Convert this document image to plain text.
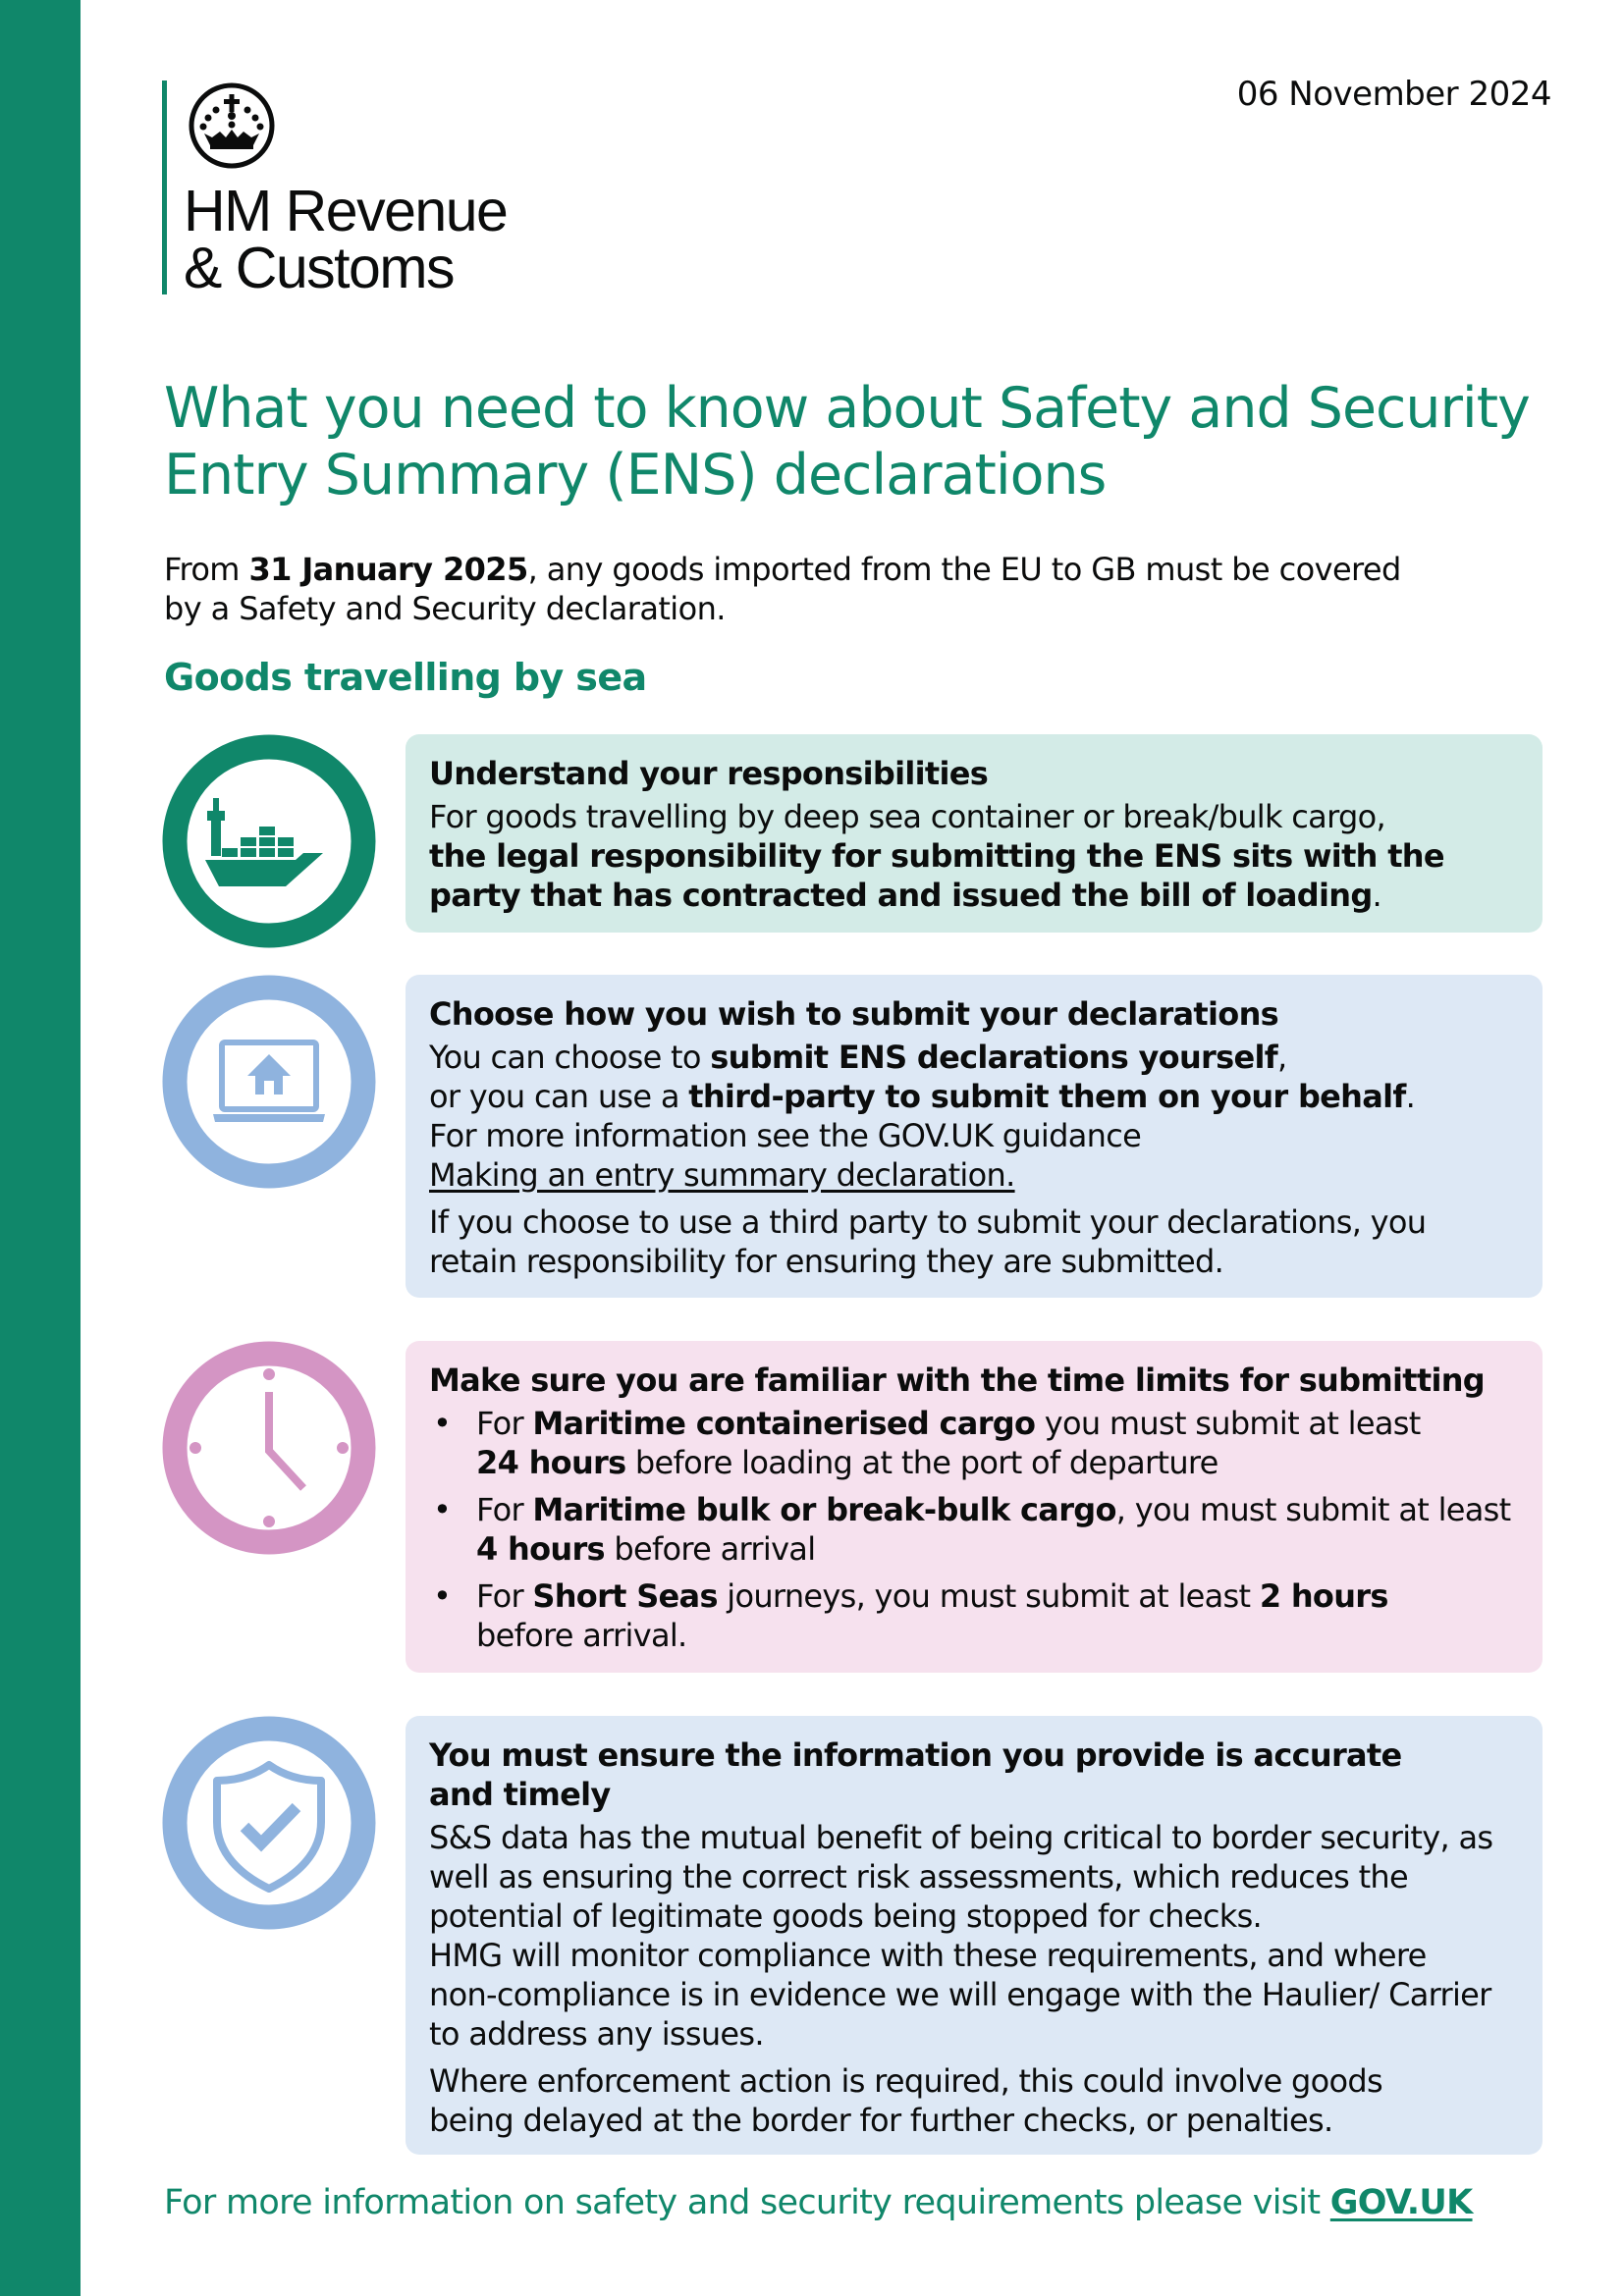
HM Revenue
& Customs
06 November 2024
What you need to know about Safety and Security Entry Summary (ENS) declarations

From 31 January 2025, any goods imported from the EU to GB must be covered
by a Safety and Security declaration.

Goods travelling by sea
Understand your responsibilities

For goods travelling by deep sea container or break/bulk cargo,
the legal responsibility for submitting the ENS sits with the party that has contracted and issued the bill of loading.

Choose how you wish to submit your declarations

You can choose to submit ENS declarations yourself,
or you can use a third-party to submit them on your behalf.
For more information see the GOV.UK guidance
Making an entry summary declaration.

If you choose to use a third party to submit your declarations, you retain responsibility for ensuring they are submitted.

Make sure you are familiar with the time limits for submitting
• For Maritime containerised cargo you must submit at least
24 hours before loading at the port of departure
• For Maritime bulk or break-bulk cargo, you must submit at least 4 hours before arrival
• For Short Seas journeys, you must submit at least 2 hours
before arrival.
You must ensure the information you provide is accurate and timely

S&S data has the mutual benefit of being critical to border security, as well as ensuring the correct risk assessments, which reduces the potential of legitimate goods being stopped for checks.

HMG will monitor compliance with these requirements, and where non-compliance is in evidence we will engage with the Haulier/ Carrier to address any issues.

Where enforcement action is required, this could involve goods being delayed at the border for further checks, or penalties.

For more information on safety and security requirements please visit GOV.UK
